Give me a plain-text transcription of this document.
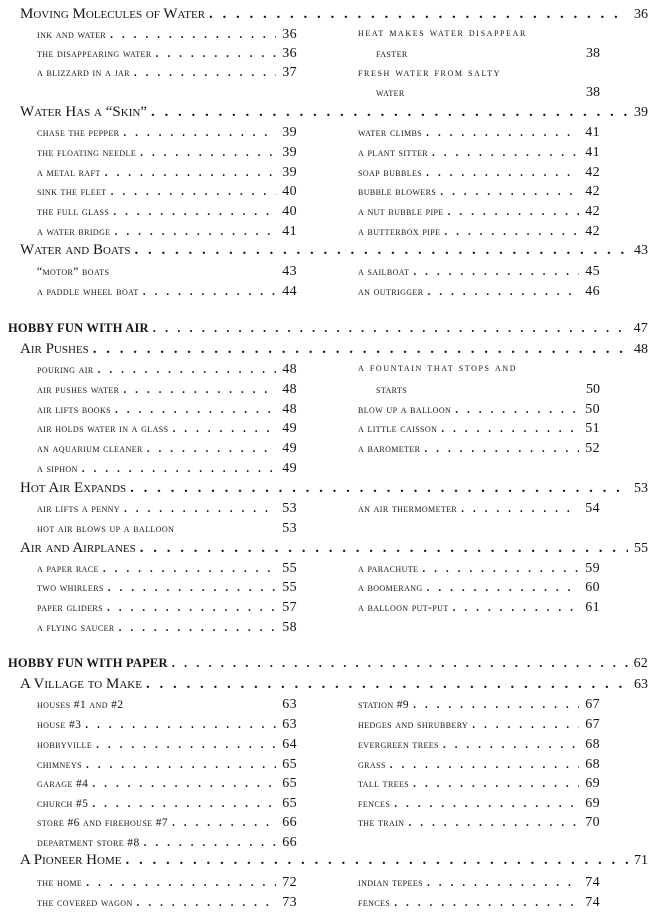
Moving Molecules of Water . . .	36
ink and water . . .	36
the disappearing water . . .	36
a blizzard in a jar . . .	37
heat makes water disappear
faster	38
fresh water from salty
water	38
Water Has a “Skin” . . .	39
chase the pepper . . .	39
the floating needle . . .	39
a metal raft . . .	39
sink the fleet . . .	40
the full glass . . .	40
a water bridge . . .	41
water climbs . . .	41
a plant sitter . . .	41
soap bubbles . . .	42
bubble blowers . . .	42
a nut bubble pipe . . .	42
a butterbox pipe . . .	42
Water and Boats . . .	43
“motor” boats	43
a paddle wheel boat . . .	44
a sailboat . . .	45
an outrigger . . .	46
HOBBY FUN WITH AIR . . .	47
Air Pushes . . .	48
pouring air . . .	48
air pushes water . . .	48
air lifts books . . .	48
air holds water in a glass . . .	49
an aquarium cleaner . . .	49
a siphon . . .	49
a fountain that stops and
starts	50
blow up a balloon . . .	50
a little caisson . . .	51
a barometer . . .	52
Hot Air Expands . . .	53
air lifts a penny . . .	53
hot air blows up a balloon	53
an air thermometer . . .	54
Air and Airplanes . . .	55
a paper race . . .	55
two whirlers . . .	55
paper gliders . . .	57
a flying saucer . . .	58
a parachute . . .	59
a boomerang . . .	60
a balloon put-put . . .	61
HOBBY FUN WITH PAPER . . .	62
A Village to Make . . .	63
houses #1 and #2	63
house #3 . . .	63
hobbyville . . .	64
chimneys . . .	65
garage #4 . . .	65
church #5 . . .	65
store #6 and firehouse #7 . . .	66
department store #8 . . .	66
station #9 . . .	67
hedges and shrubbery . . .	67
evergreen trees . . .	68
grass . . .	68
tall trees . . .	69
fences . . .	69
the train . . .	70
A Pioneer Home . . .	71
the home . . .	72
the covered wagon . . .	73
indian tepees . . .	74
fences . . .	74
